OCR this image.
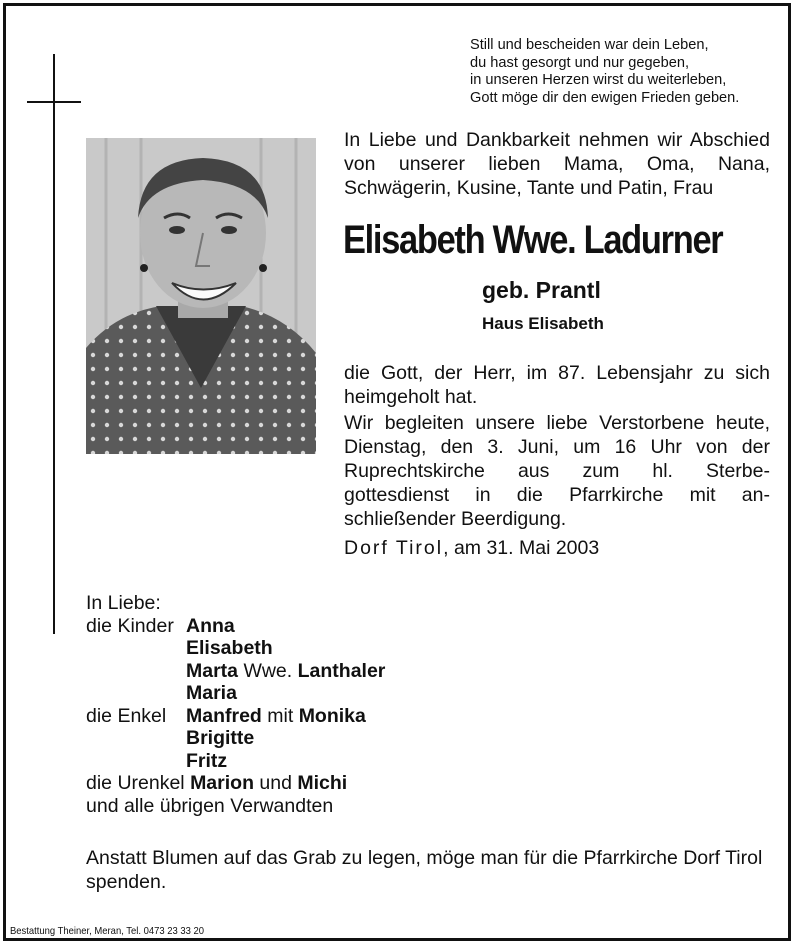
Still und bescheiden war dein Leben,
du hast gesorgt und nur gegeben,
in unseren Herzen wirst du weiterleben,
Gott möge dir den ewigen Frieden geben.
In Liebe und Dankbarkeit nehmen wir Abschied von unserer lieben Mama, Oma, Nana, Schwägerin, Kusine, Tante und Patin, Frau
Elisabeth Wwe. Ladurner
geb. Prantl
Haus Elisabeth
die Gott, der Herr, im 87. Lebensjahr zu sich heimgeholt hat.
Wir begleiten unsere liebe Verstorbene heute,
Dienstag, den 3. Juni, um 16 Uhr von der
Ruprechtskirche aus zum hl. Sterbe-
gottesdienst in die Pfarrkirche mit an-
schließender Beerdigung.
Dorf Tirol, am 31. Mai 2003
In Liebe:
die Kinder Anna
Elisabeth
Marta Wwe. Lanthaler
Maria
die Enkel Manfred mit Monika
Brigitte
Fritz
die Urenkel Marion und Michi
und alle übrigen Verwandten
Anstatt Blumen auf das Grab zu legen, möge man für die Pfarrkirche Dorf Tirol spenden.
Bestattung Theiner, Meran, Tel. 0473 23 33 20
